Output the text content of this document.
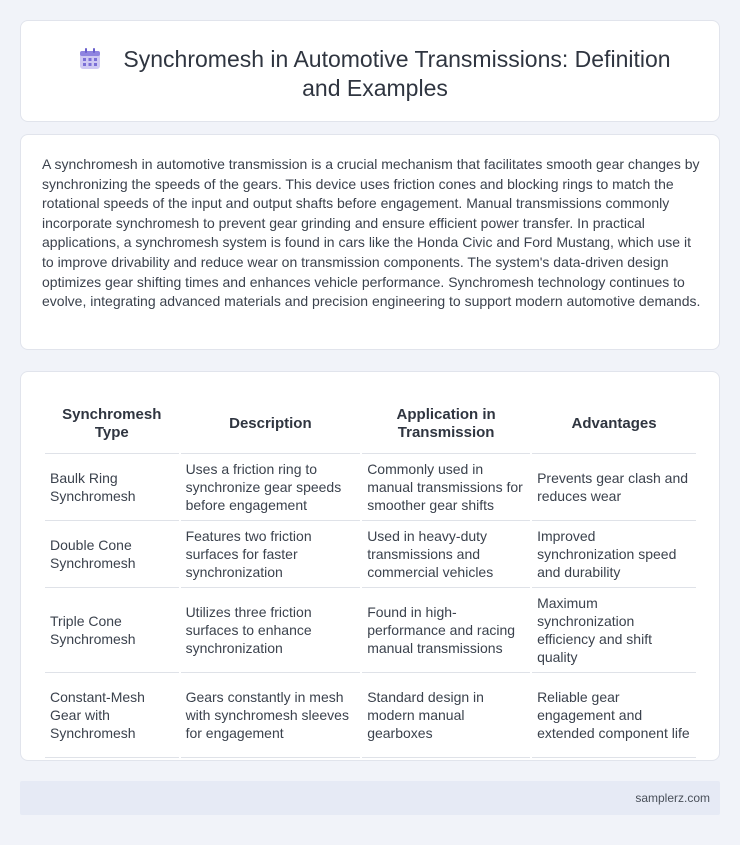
Synchromesh in Automotive Transmissions: Definition and Examples

A synchromesh in automotive transmission is a crucial mechanism that facilitates smooth gear changes by synchronizing the speeds of the gears. This device uses friction cones and blocking rings to match the rotational speeds of the input and output shafts before engagement. Manual transmissions commonly incorporate synchromesh to prevent gear grinding and ensure efficient power transfer. In practical applications, a synchromesh system is found in cars like the Honda Civic and Ford Mustang, which use it to improve drivability and reduce wear on transmission components. The system's data-driven design optimizes gear shifting times and enhances vehicle performance. Synchromesh technology continues to evolve, integrating advanced materials and precision engineering to support modern automotive demands.

Synchromesh Type	Description	Application in Transmission	Advantages
Baulk Ring Synchromesh	Uses a friction ring to synchronize gear speeds before engagement	Commonly used in manual transmissions for smoother gear shifts	Prevents gear clash and reduces wear
Double Cone Synchromesh	Features two friction surfaces for faster synchronization	Used in heavy-duty transmissions and commercial vehicles	Improved synchronization speed and durability
Triple Cone Synchromesh	Utilizes three friction surfaces to enhance synchronization	Found in high-performance and racing manual transmissions	Maximum synchronization efficiency and shift quality
Constant-Mesh Gear with Synchromesh	Gears constantly in mesh with synchromesh sleeves for engagement	Standard design in modern manual gearboxes	Reliable gear engagement and extended component life
samplerz.com
